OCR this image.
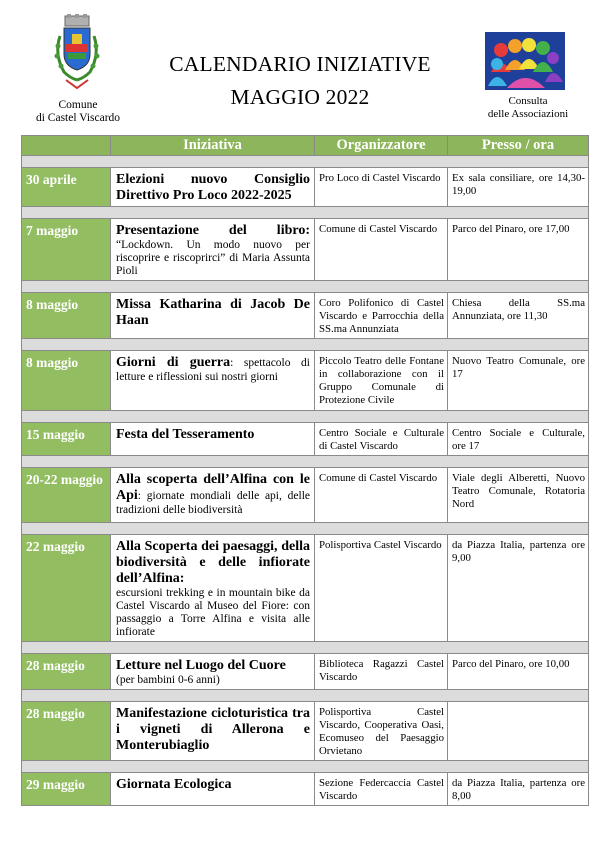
Comune
di Castel Viscardo
CALENDARIO INIZIATIVE
MAGGIO 2022	Consulta
delle Associazioni
	Iniziativa	Organizzatore	Presso / ora

30 aprile	Elezioni nuovo Consiglio Direttivo Pro Loco 2022-2025	Pro Loco di Castel Viscardo	Ex sala consiliare, ore 14,30-19,00

7 maggio	Presentazione del libro: “Lockdown. Un modo nuovo per riscoprire e riscoprirci” di Maria Assunta Pioli	Comune di Castel Viscardo	Parco del Pinaro, ore 17,00

8 maggio	Missa Katharina di Jacob De Haan	Coro Polifonico di Castel Viscardo e Parrocchia della SS.ma Annunziata	Chiesa della SS.ma Annunziata, ore 11,30

8 maggio	Giorni di guerra: spettacolo di letture e riflessioni sui nostri giorni	Piccolo Teatro delle Fontane in collaborazione con il Gruppo Comunale di Protezione Civile	Nuovo Teatro Comunale, ore 17

15 maggio	Festa del Tesseramento	Centro Sociale e Culturale di Castel Viscardo	Centro Sociale e Culturale, ore 17

20-22 maggio	Alla scoperta dell’Alfina con le Api: giornate mondiali delle api, delle tradizioni delle biodiversità	Comune di Castel Viscardo	Viale degli Alberetti, Nuovo Teatro Comunale, Rotatoria Nord

22 maggio	Alla Scoperta dei paesaggi, della biodiversità e delle infiorate dell’Alfina:
escursioni trekking e in mountain bike da Castel Viscardo al Museo del Fiore: con passaggio a Torre Alfina e visita alle infiorate	Polisportiva Castel Viscardo	da Piazza Italia, partenza ore 9,00

28 maggio	Letture nel Luogo del Cuore
(per bambini 0-6 anni)	Biblioteca Ragazzi Castel Viscardo	Parco del Pinaro, ore 10,00

28 maggio	Manifestazione cicloturistica tra i vigneti di Allerona e Monterubiaglio	Polisportiva Castel Viscardo, Cooperativa Oasi, Ecomuseo del Paesaggio Orvietano	

29 maggio	Giornata Ecologica	Sezione Federcaccia Castel Viscardo	da Piazza Italia, partenza ore 8,00
